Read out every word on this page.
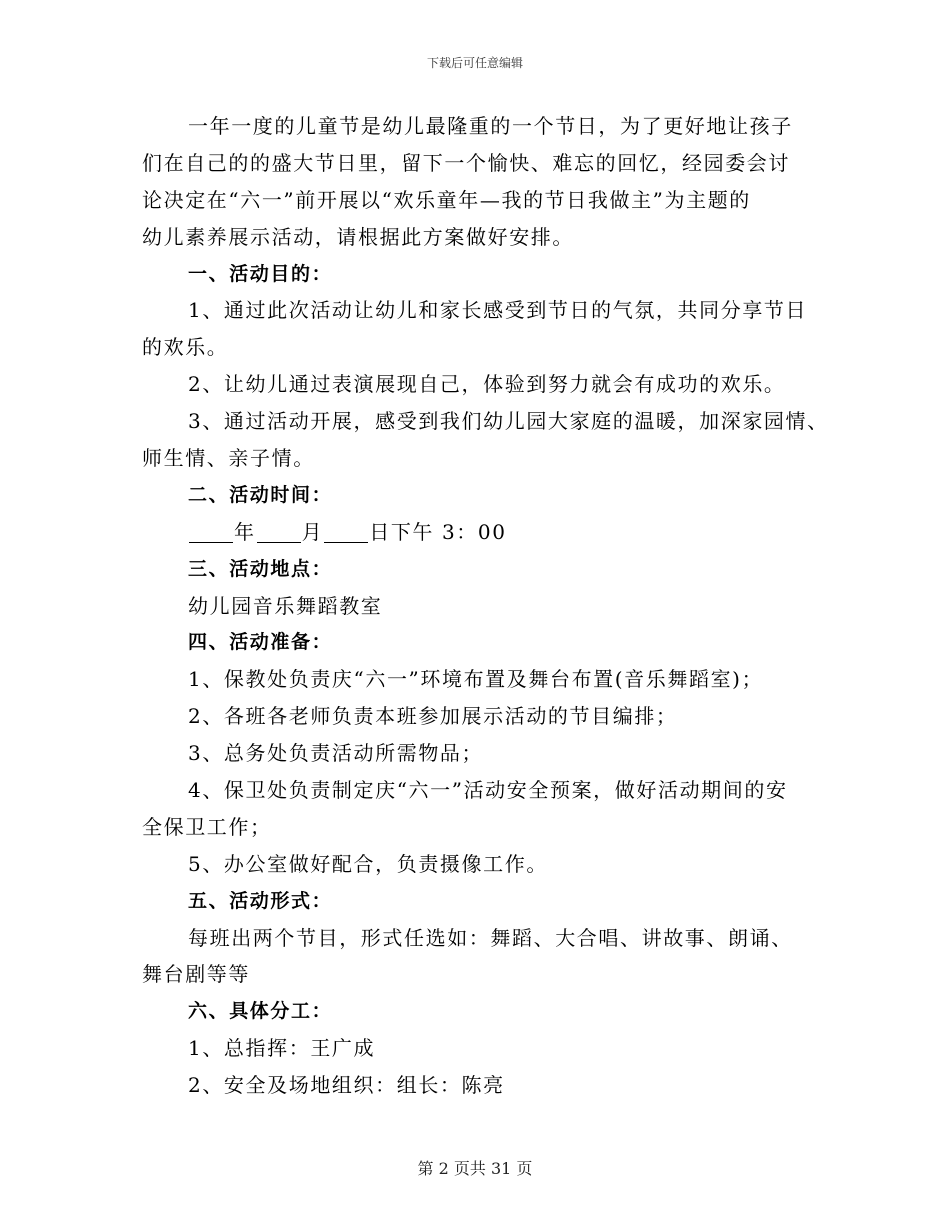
下载后可任意编辑
一年一度的儿童节是幼儿最隆重的一个节日，为了更好地让孩子
们在自己的的盛大节日里，留下一个愉快、难忘的回忆，经园委会讨
论决定在“六一”前开展以“欢乐童年—我的节日我做主”为主题的
幼儿素养展示活动，请根据此方案做好安排。
一、活动目的：
1、通过此次活动让幼儿和家长感受到节日的气氛，共同分享节日
的欢乐。
2、让幼儿通过表演展现自己，体验到努力就会有成功的欢乐。
3、通过活动开展，感受到我们幼儿园大家庭的温暖，加深家园情、
师生情、亲子情。
二、活动时间：
年 月 日下午 3：00
三、活动地点：
幼儿园音乐舞蹈教室
四、活动准备：
1、保教处负责庆“六一”环境布置及舞台布置(音乐舞蹈室)；
2、各班各老师负责本班参加展示活动的节目编排；
3、总务处负责活动所需物品；
4、保卫处负责制定庆“六一”活动安全预案，做好活动期间的安
全保卫工作；
5、办公室做好配合，负责摄像工作。
五、活动形式：
每班出两个节目，形式任选如：舞蹈、大合唱、讲故事、朗诵、
舞台剧等等
六、具体分工：
1、总指挥：王广成
2、安全及场地组织：组长：陈亮
第 2 页共 31 页
